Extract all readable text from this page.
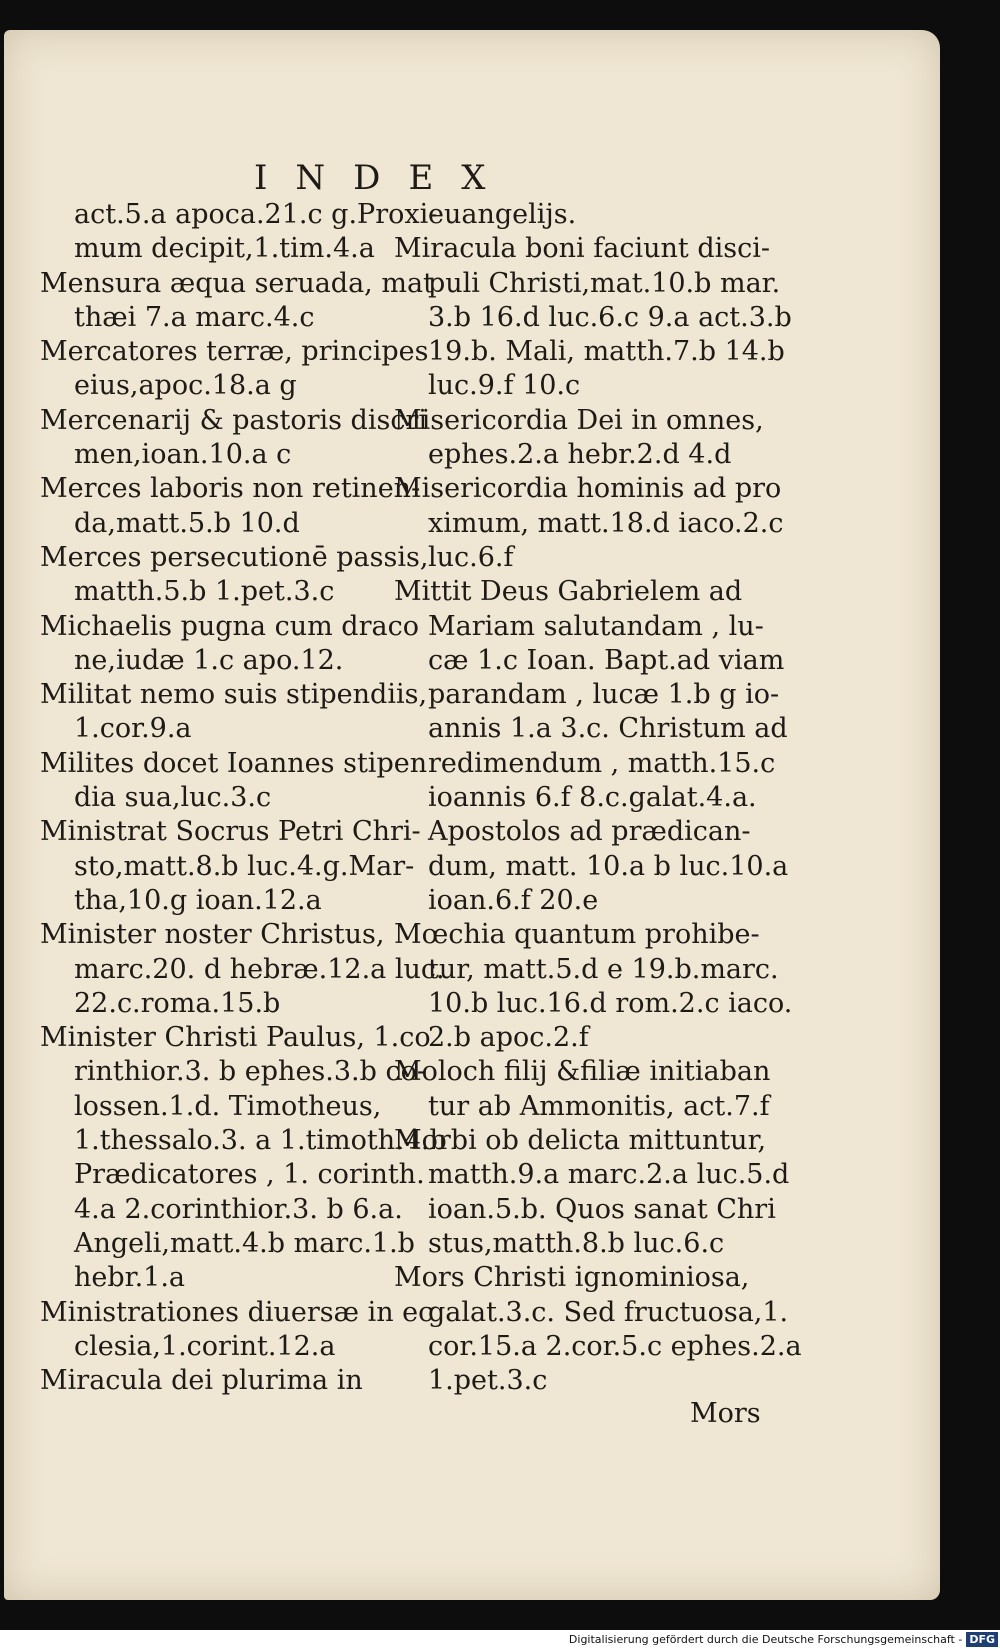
INDEX
act.5.a apoca.21.c g.Proxi-
mum decipit,1.tim.4.a
Mensura æqua seruada, mat
thæi 7.a marc.4.c
Mercatores terræ, principes
eius,apoc.18.a g
Mercenarij & pastoris discri
men,ioan.10.a c
Merces laboris non retinen-
da,matt.5.b 10.d
Merces persecutionē passis,
matth.5.b 1.pet.3.c
Michaelis pugna cum draco
ne,iudæ 1.c apo.12.
Militat nemo suis stipendiis,
1.cor.9.a
Milites docet Ioannes stipen
dia sua,luc.3.c
Ministrat Socrus Petri Chri-
sto,matt.8.b luc.4.g.Mar-
tha,10.g ioan.12.a
Minister noster Christus,
marc.20. d hebræ.12.a luc.
22.c.roma.15.b
Minister Christi Paulus, 1.co
rinthior.3. b ephes.3.b co-
lossen.1.d. Timotheus,
1.thessalo.3. a 1.timoth.4.b
Prædicatores , 1. corinth.
4.a 2.corinthior.3. b 6.a.
Angeli,matt.4.b marc.1.b
hebr.1.a
Ministrationes diuersæ in ec
clesia,1.corint.12.a
Miracula dei plurima in
euangelijs.
Miracula boni faciunt disci-
puli Christi,mat.10.b mar.
3.b 16.d luc.6.c 9.a act.3.b
19.b. Mali, matth.7.b 14.b
luc.9.f 10.c
Misericordia Dei in omnes,
ephes.2.a hebr.2.d 4.d
Misericordia hominis ad pro
ximum, matt.18.d iaco.2.c
luc.6.f
Mittit Deus Gabrielem ad
Mariam salutandam , lu-
cæ 1.c Ioan. Bapt.ad viam
parandam , lucæ 1.b g io-
annis 1.a 3.c. Christum ad
redimendum , matth.15.c
ioannis 6.f 8.c.galat.4.a.
Apostolos ad prædican-
dum, matt. 10.a b luc.10.a
ioan.6.f 20.e
Mœchia quantum prohibe-
tur, matt.5.d e 19.b.marc.
10.b luc.16.d rom.2.c iaco.
2.b apoc.2.f
Moloch filij &filiæ initiaban
tur ab Ammonitis, act.7.f
Morbi ob delicta mittuntur,
matth.9.a marc.2.a luc.5.d
ioan.5.b. Quos sanat Chri
stus,matth.8.b luc.6.c
Mors Christi ignominiosa,
galat.3.c. Sed fructuosa,1.
cor.15.a 2.cor.5.c ephes.2.a
1.pet.3.c
Mors
Digitalisierung gefördert durch die Deutsche Forschungsgemeinschaft - DFG
